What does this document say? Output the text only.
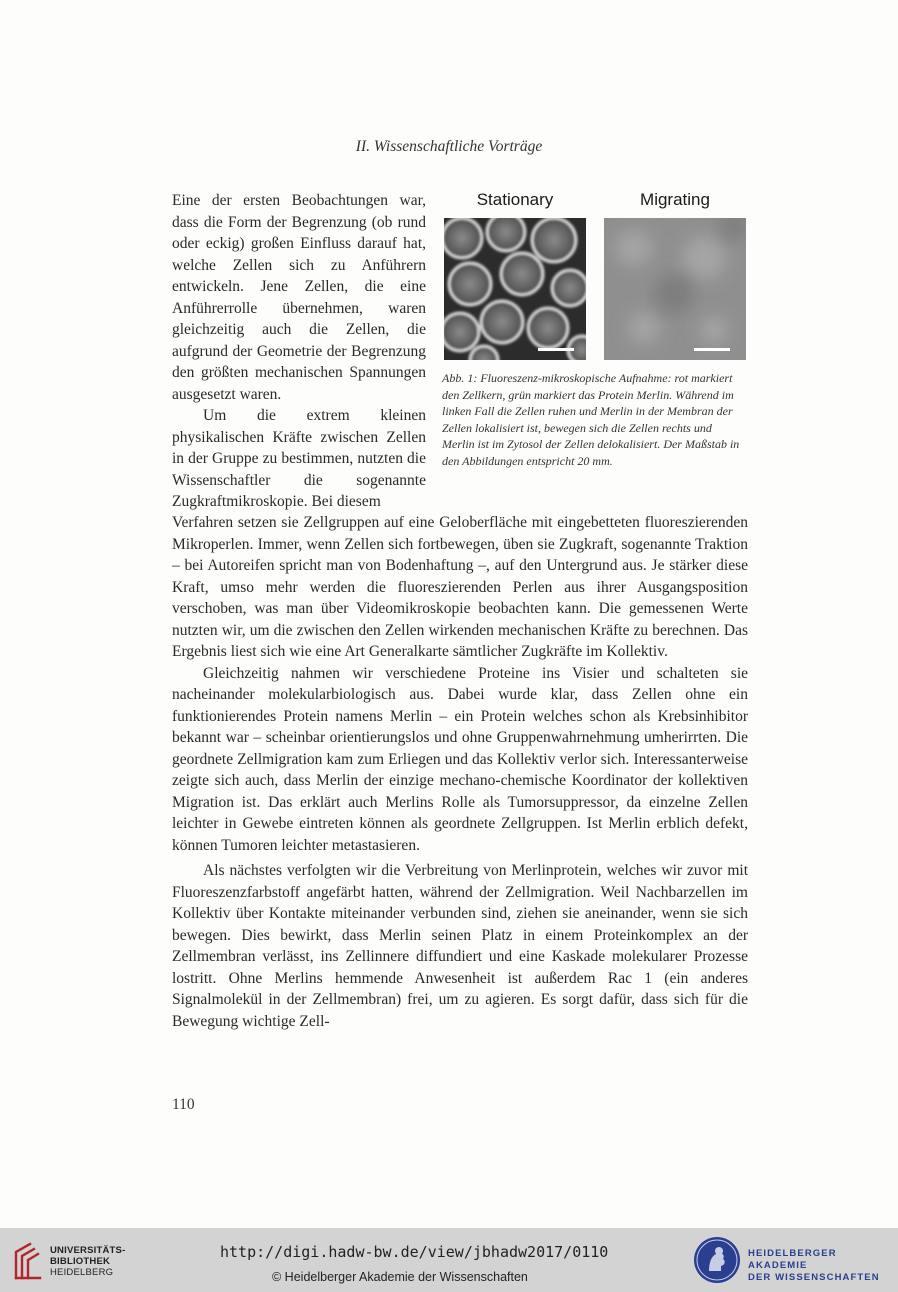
II. Wissenschaftliche Vorträge

Eine der ersten Beobachtungen war, dass die Form der Begrenzung (ob rund oder eckig) großen Einfluss darauf hat, welche Zellen sich zu Anführern entwickeln. Jene Zellen, die eine Anführerrolle übernehmen, waren gleichzeitig auch die Zellen, die aufgrund der Geometrie der Begrenzung den größten mechanischen Spannungen ausgesetzt waren.

Um die extrem kleinen physikalischen Kräfte zwischen Zellen in der Gruppe zu bestimmen, nutzten die Wissenschaftler die sogenannte Zugkraftmikroskopie. Bei diesem

Stationary	Migrating
Abb. 1: Fluoreszenz-mikroskopische Aufnahme: rot markiert den Zellkern, grün markiert das Protein Merlin. Während im linken Fall die Zellen ruhen und Merlin in der Membran der Zellen lokalisiert ist, bewegen sich die Zellen rechts und Merlin ist im Zytosol der Zellen delokalisiert. Der Maßstab in den Abbildungen entspricht 20 mm.

Verfahren setzen sie Zellgruppen auf eine Geloberfläche mit eingebetteten fluoreszierenden Mikroperlen. Immer, wenn Zellen sich fortbewegen, üben sie Zugkraft, sogenannte Traktion – bei Autoreifen spricht man von Bodenhaftung –, auf den Untergrund aus. Je stärker diese Kraft, umso mehr werden die fluoreszierenden Perlen aus ihrer Ausgangsposition verschoben, was man über Videomikroskopie beobachten kann. Die gemessenen Werte nutzten wir, um die zwischen den Zellen wirkenden mechanischen Kräfte zu berechnen. Das Ergebnis liest sich wie eine Art Generalkarte sämtlicher Zugkräfte im Kollektiv.

Gleichzeitig nahmen wir verschiedene Proteine ins Visier und schalteten sie nacheinander molekularbiologisch aus. Dabei wurde klar, dass Zellen ohne ein funktionierendes Protein namens Merlin – ein Protein welches schon als Krebsinhibitor bekannt war – scheinbar orientierungslos und ohne Gruppenwahrnehmung umherirrten. Die geordnete Zellmigration kam zum Erliegen und das Kollektiv verlor sich. Interessanterweise zeigte sich auch, dass Merlin der einzige mechano-chemische Koordinator der kollektiven Migration ist. Das erklärt auch Merlins Rolle als Tumorsuppressor, da einzelne Zellen leichter in Gewebe eintreten können als geordnete Zellgruppen. Ist Merlin erblich defekt, können Tumoren leichter metastasieren.

Als nächstes verfolgten wir die Verbreitung von Merlinprotein, welches wir zuvor mit Fluoreszenzfarbstoff angefärbt hatten, während der Zellmigration. Weil Nachbarzellen im Kollektiv über Kontakte miteinander verbunden sind, ziehen sie aneinander, wenn sie sich bewegen. Dies bewirkt, dass Merlin seinen Platz in einem Proteinkomplex an der Zellmembran verlässt, ins Zellinnere diffundiert und eine Kaskade molekularer Prozesse lostritt. Ohne Merlins hemmende Anwesenheit ist außerdem Rac 1 (ein anderes Signalmolekül in der Zellmembran) frei, um zu agieren. Es sorgt dafür, dass sich für die Bewegung wichtige Zell-

110
UNIVERSITÄTS-
BIBLIOTHEK
HEIDELBERG
http://digi.hadw-bw.de/view/jbhadw2017/0110
© Heidelberger Akademie der Wissenschaften
HEIDELBERGER AKADEMIE
DER WISSENSCHAFTEN
